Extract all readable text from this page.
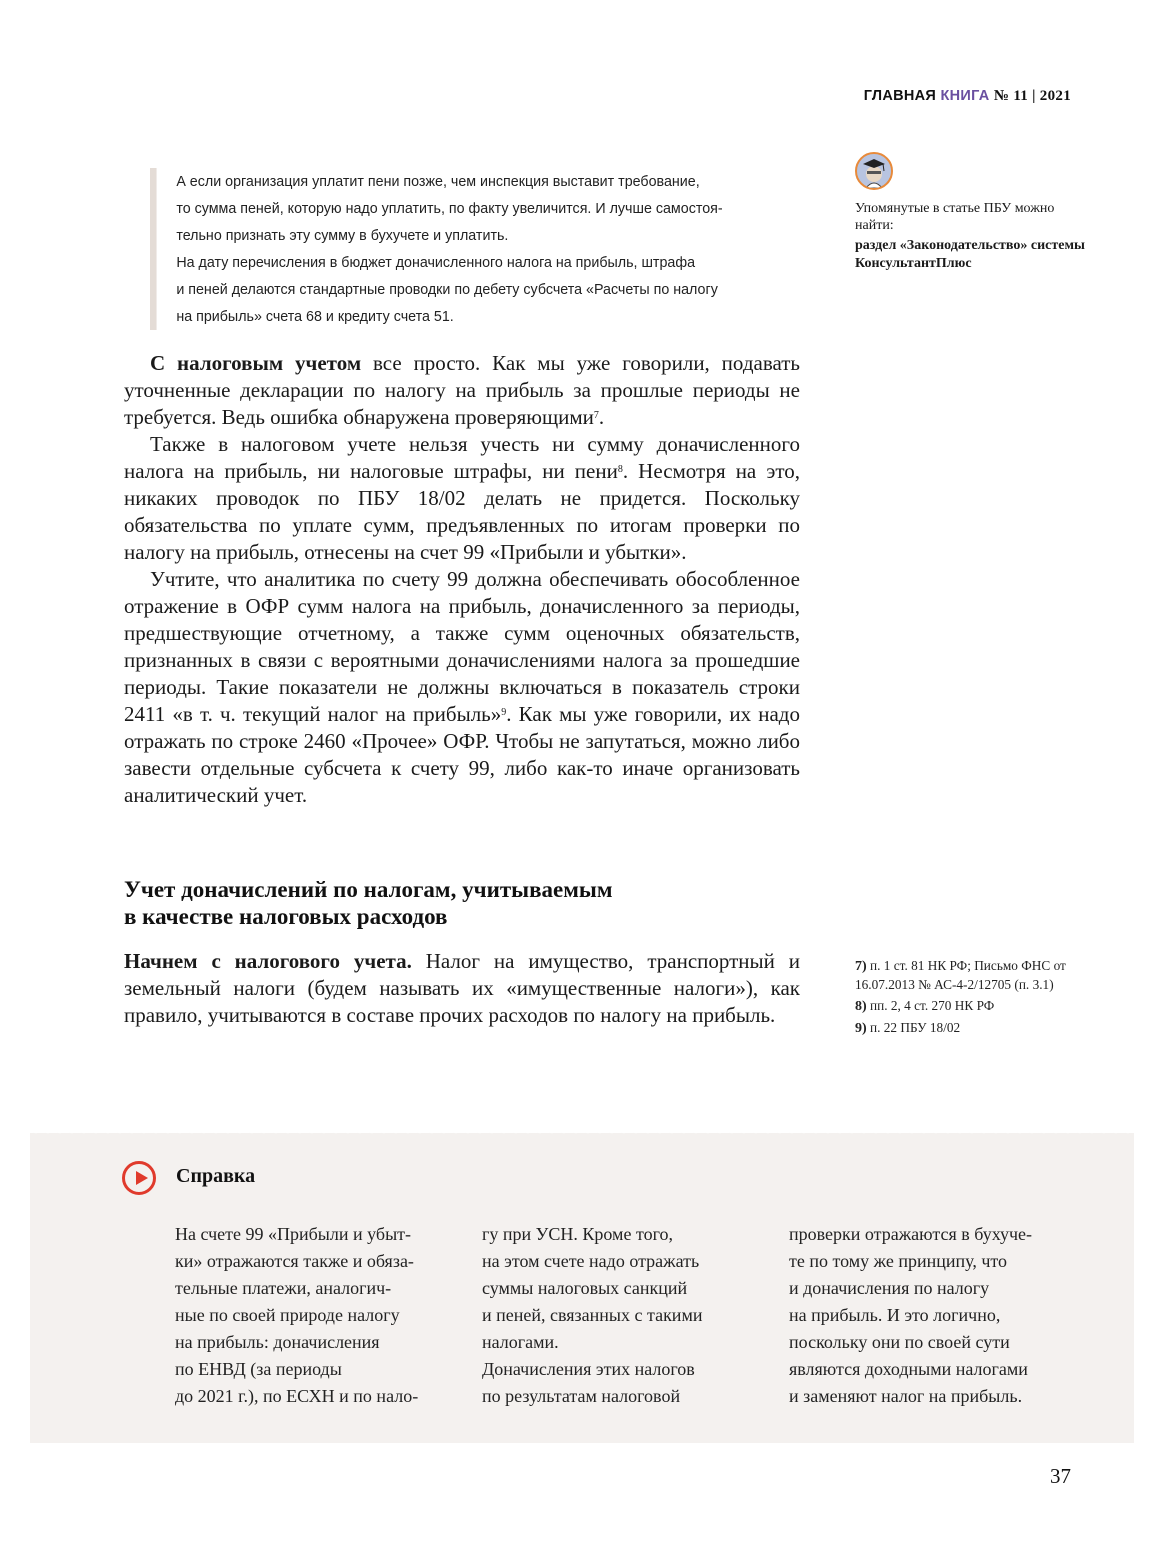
ГЛАВНАЯ КНИГА № 11 | 2021

А если организация уплатит пени позже, чем инспекция выставит требование,

то сумма пеней, которую надо уплатить, по факту увеличится. И лучше самостоя-

тельно признать эту сумму в бухучете и уплатить.

На дату перечисления в бюджет доначисленного налога на прибыль, штрафа

и пеней делаются стандартные проводки по дебету субсчета «Расчеты по налогу

на прибыль» счета 68 и кредиту счета 51.

Упомянутые в статье ПБУ можно найти:
раздел «Законодательство» системы КонсультантПлюс

С налоговым учетом все просто. Как мы уже говорили, подавать уточненные декларации по налогу на прибыль за прошлые периоды не требуется. Ведь ошибка обнаружена проверяющими$^7$.

Также в налоговом учете нельзя учесть ни сумму доначисленного налога на прибыль, ни налоговые штрафы, ни пени$^8$. Несмотря на это, никаких проводок по ПБУ 18/02 делать не придется. Поскольку обязательства по уплате сумм, предъявленных по итогам проверки по налогу на прибыль, отнесены на счет 99 «Прибыли и убытки».

Учтите, что аналитика по счету 99 должна обеспечивать обособленное отражение в ОФР сумм налога на прибыль, доначисленного за периоды, предшествующие отчетному, а также сумм оценочных обязательств, признанных в связи с вероятными доначислениями налога за прошедшие периоды. Такие показатели не должны включаться в показатель строки 2411 «в т. ч. текущий налог на прибыль»$^9$. Как мы уже говорили, их надо отражать по строке 2460 «Прочее» ОФР. Чтобы не запутаться, можно либо завести отдельные субсчета к счету 99, либо как-то иначе организовать аналитический учет.

Учет доначислений по налогам, учитываемым
в качестве налоговых расходов

Начнем с налогового учета. Налог на имущество, транспортный и земельный налоги (будем называть их «имущественные налоги»), как правило, учитываются в составе прочих расходов по налогу на прибыль.

7) п. 1 ст. 81 НК РФ; Письмо ФНС от 16.07.2013 № АС-4-2/12705 (п. 3.1)
8) пп. 2, 4 ст. 270 НК РФ
9) п. 22 ПБУ 18/02
Справка

На счете 99 «Прибыли и убыт-

ки» отражаются также и обяза-

тельные платежи, аналогич-

ные по своей природе налогу

на прибыль: доначисления

по ЕНВД (за периоды

до 2021 г.), по ЕСХН и по нало-

гу при УСН. Кроме того,

на этом счете надо отражать

суммы налоговых санкций

и пеней, связанных с такими

налогами.

Доначисления этих налогов

по результатам налоговой

проверки отражаются в бухуче-

те по тому же принципу, что

и доначисления по налогу

на прибыль. И это логично,

поскольку они по своей сути

являются доходными налогами

и заменяют налог на прибыль.

37
